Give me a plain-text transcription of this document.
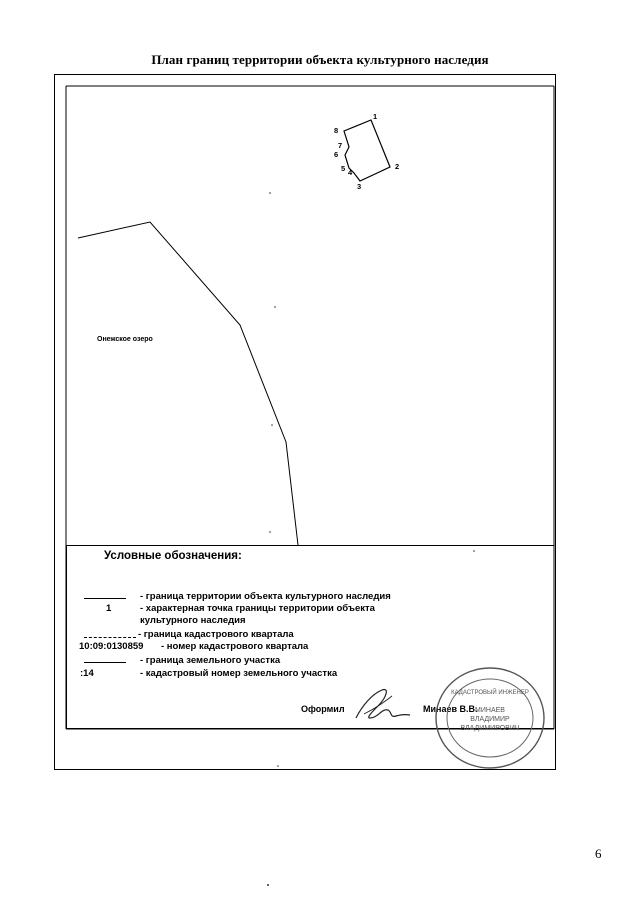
План границ территории объекта культурного наследия
Онежское озеро
1
2
3
4
5
6
7
8
Условные обозначения:
- граница территории объекта культурного наследия
1	- характерная точка границы территории объекта
культурного наследия
- граница кадастрового квартала
10:09:0130859 - номер кадастрового квартала
- граница земельного участка
:14	- кадастровый номер земельного участка
Оформил	Минаев В.В.
КАДАСТРОВЫЙ ИНЖЕНЕР
МИНАЕВ
ВЛАДИМИР
ВЛАДИМИРОВИЧ
6
